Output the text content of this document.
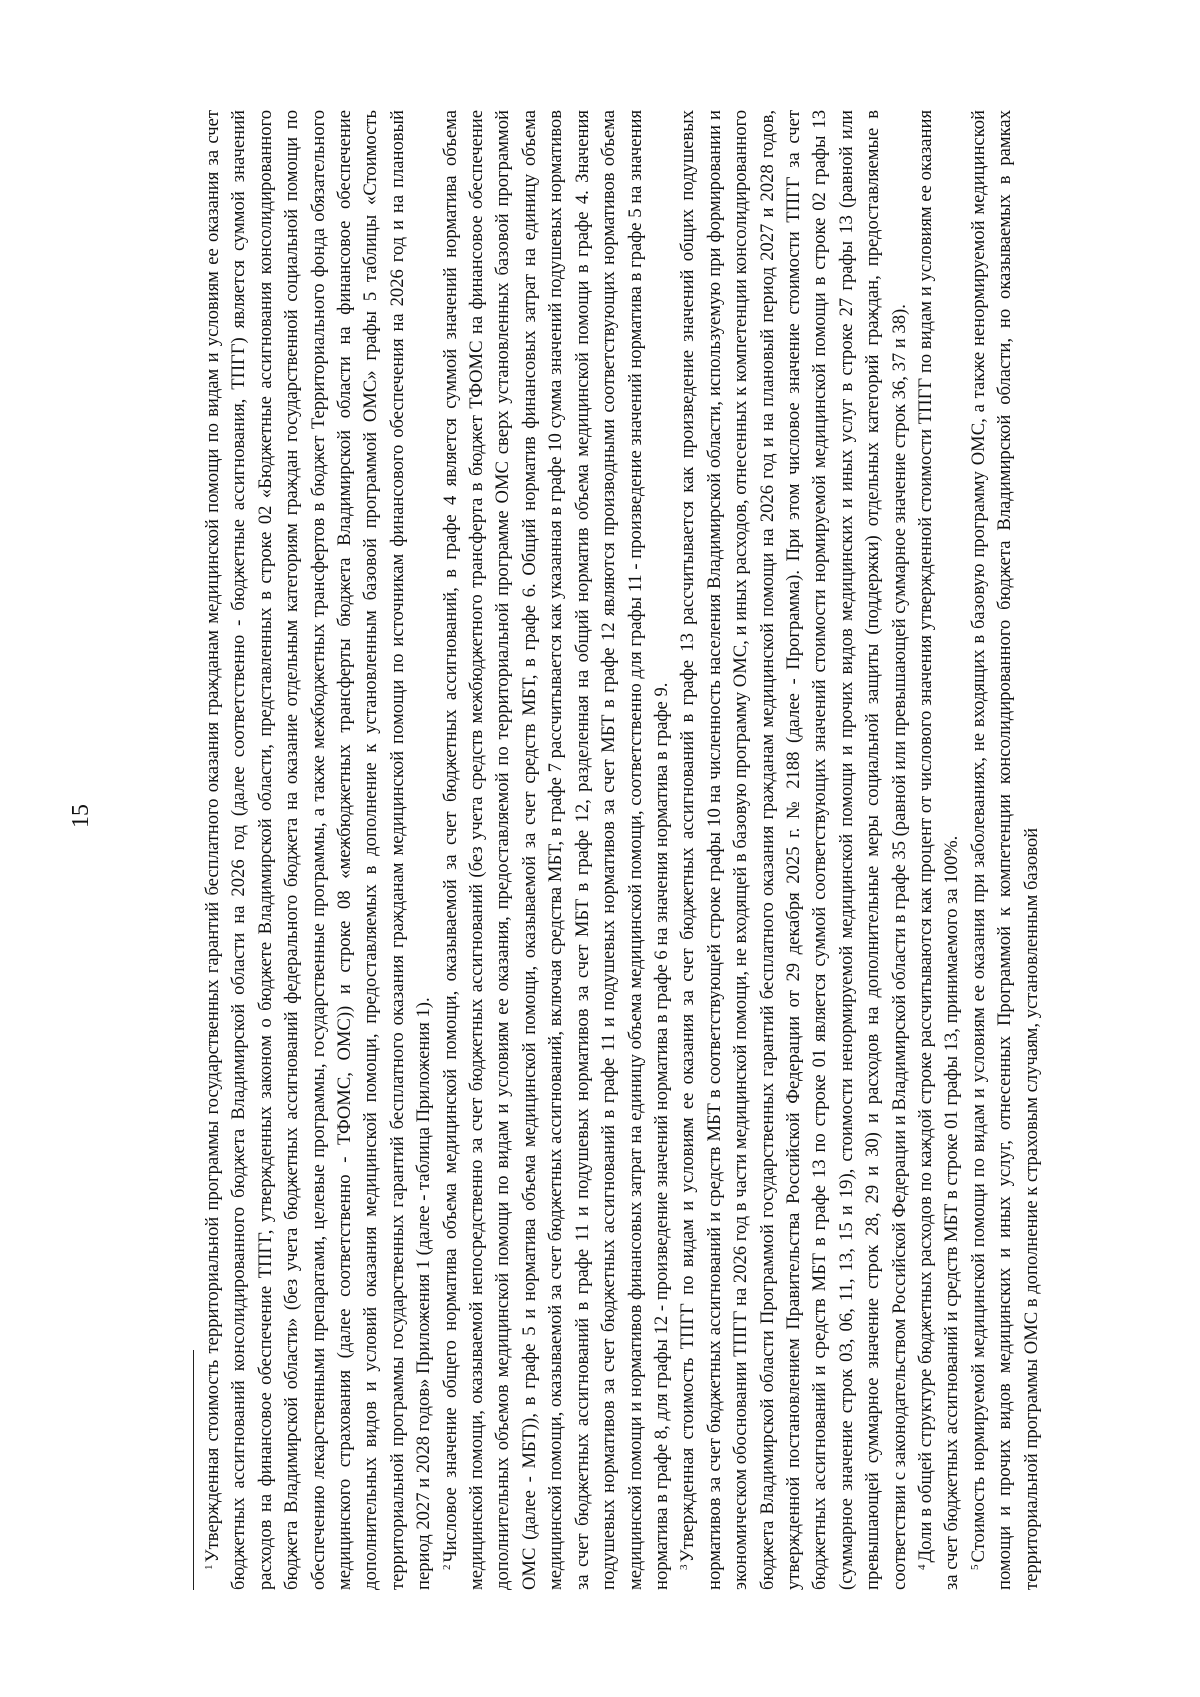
15

$^1$Утвержденная стоимость территориальной программы государственных гарантий бесплатного оказания гражданам медицинской помощи по видам и условиям ее оказания за счет бюджетных ассигнований консолидированного бюджета Владимирской области на 2026 год (далее соответственно - бюджетные ассигнования, ТПГГ) является суммой значений расходов на финансовое обеспечение ТПГГ, утвержденных законом о бюджете Владимирской области, представленных в строке 02 «Бюджетные ассигнования консолидированного бюджета Владимирской области» (без учета бюджетных ассигнований федерального бюджета на оказание отдельным категориям граждан государственной социальной помощи по обеспечению лекарственными препаратами, целевые программы, государственные программы, а также межбюджетных трансфертов в бюджет Территориального фонда обязательного медицинского страхования (далее соответственно - ТФОМС, ОМС)) и строке 08 «межбюджетных трансферты бюджета Владимирской области на финансовое обеспечение дополнительных видов и условий оказания медицинской помощи, предоставляемых в дополнение к установленным базовой программой ОМС» графы 5 таблицы «Стоимость территориальной программы государственных гарантий бесплатного оказания гражданам медицинской помощи по источникам финансового обеспечения на 2026 год и на плановый период 2027 и 2028 годов» Приложения 1 (далее - таблица Приложения 1). $^2$Числовое значение общего норматива объема медицинской помощи, оказываемой за счет бюджетных ассигнований, в графе 4 является суммой значений норматива объема медицинской помощи, оказываемой непосредственно за счет бюджетных ассигнований (без учета средств межбюджетного трансферта в бюджет ТФОМС на финансовое обеспечение дополнительных объемов медицинской помощи по видам и условиям ее оказания, предоставляемой по территориальной программе ОМС сверх установленных базовой программой ОМС (далее - МБТ)), в графе 5 и норматива объема медицинской помощи, оказываемой за счет средств МБТ, в графе 6. Общий норматив финансовых затрат на единицу объема медицинской помощи, оказываемой за счет бюджетных ассигнований, включая средства МБТ, в графе 7 рассчитывается как указанная в графе 10 сумма значений подушевых нормативов за счет бюджетных ассигнований в графе 11 и подушевых нормативов за счет МБТ в графе 12, разделенная на общий норматив объема медицинской помощи в графе 4. Значения подушевых нормативов за счет бюджетных ассигнований в графе 11 и подушевых нормативов за счет МБТ в графе 12 являются производными соответствующих нормативов объема медицинской помощи и нормативов финансовых затрат на единицу объема медицинской помощи, соответственно для графы 11 - произведение значений норматива в графе 5 на значения норматива в графе 8, для графы 12 - произведение значений норматива в графе 6 на значения норматива в графе 9. $^3$Утвержденная стоимость ТПГГ по видам и условиям ее оказания за счет бюджетных ассигнований в графе 13 рассчитывается как произведение значений общих подушевых нормативов за счет бюджетных ассигнований и средств МБТ в соответствующей строке графы 10 на численность населения Владимирской области, используемую при формировании и экономическом обосновании ТПГГ на 2026 год в части медицинской помощи, не входящей в базовую программу ОМС, и иных расходов, отнесенных к компетенции консолидированного бюджета Владимирской области Программой государственных гарантий бесплатного оказания гражданам медицинской помощи на 2026 год и на плановый период 2027 и 2028 годов, утвержденной постановлением Правительства Российской Федерации от 29 декабря 2025 г. № 2188 (далее - Программа). При этом числовое значение стоимости ТПГГ за счет бюджетных ассигнований и средств МБТ в графе 13 по строке 01 является суммой соответствующих значений стоимости нормируемой медицинской помощи в строке 02 графы 13 (суммарное значение строк 03, 06, 11, 13, 15 и 19), стоимости ненормируемой медицинской помощи и прочих видов медицинских и иных услуг в строке 27 графы 13 (равной или превышающей суммарное значение строк 28, 29 и 30) и расходов на дополнительные меры социальной защиты (поддержки) отдельных категорий граждан, предоставляемые в соответствии с законодательством Российской Федерации и Владимирской области в графе 35 (равной или превышающей суммарное значение строк 36, 37 и 38). $^4$Доли в общей структуре бюджетных расходов по каждой строке рассчитываются как процент от числового значения утвержденной стоимости ТПГГ по видам и условиям ее оказания за счет бюджетных ассигнований и средств МБТ в строке 01 графы 13, принимаемого за 100%. $^5$Стоимость нормируемой медицинской помощи по видам и условиям ее оказания при заболеваниях, не входящих в базовую программу ОМС, а также ненормируемой медицинской помощи и прочих видов медицинских и иных услуг, отнесенных Программой к компетенции консолидированного бюджета Владимирской области, но оказываемых в рамках территориальной программы ОМС в дополнение к страховым случаям, установленным базовой
